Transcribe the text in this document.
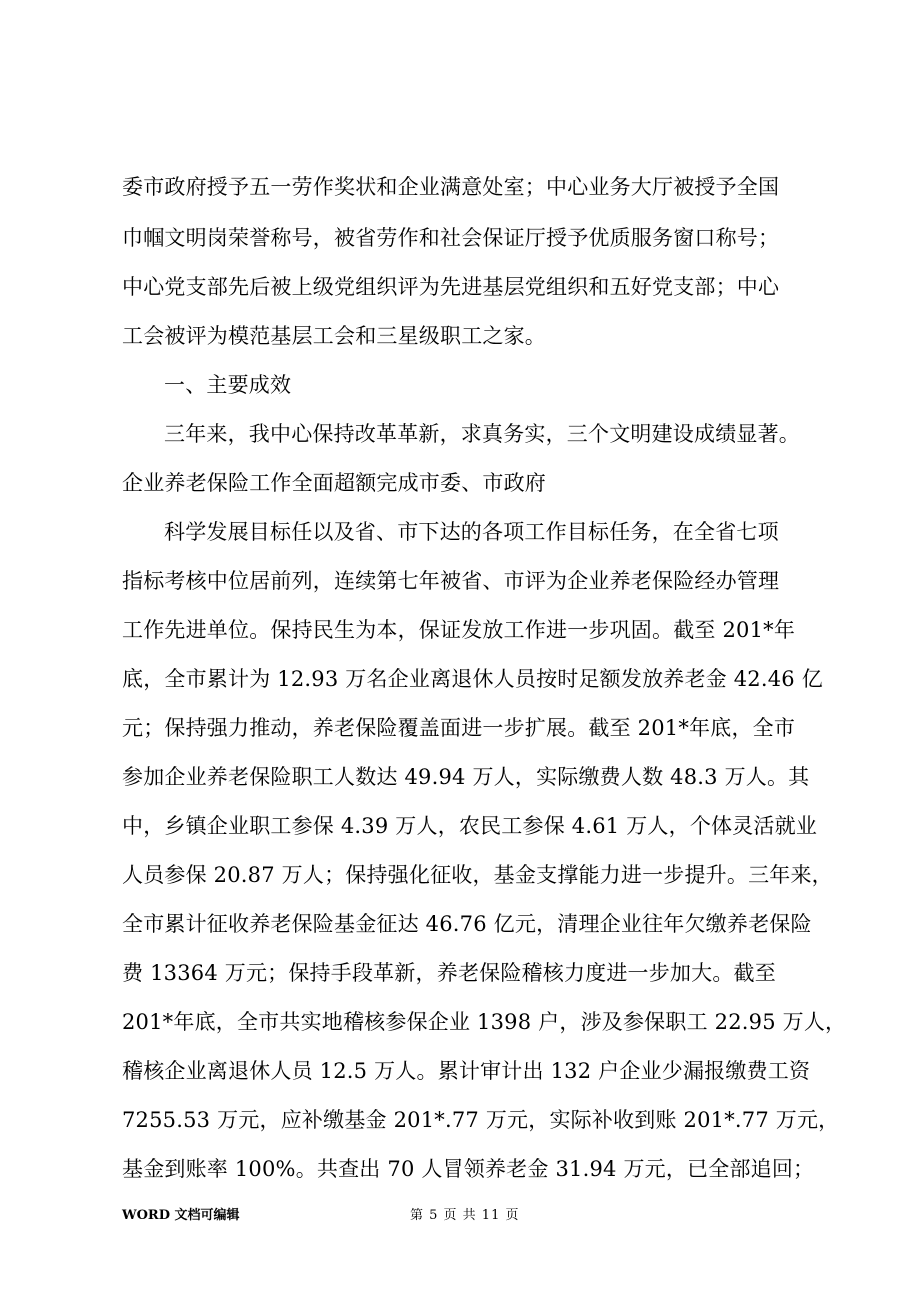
委市政府授予五一劳作奖状和企业满意处室；中心业务大厅被授予全国
巾帼文明岗荣誉称号，被省劳作和社会保证厅授予优质服务窗口称号；
中心党支部先后被上级党组织评为先进基层党组织和五好党支部；中心
工会被评为模范基层工会和三星级职工之家。
一、主要成效
三年来，我中心保持改革革新，求真务实，三个文明建设成绩显著。
企业养老保险工作全面超额完成市委、市政府
科学发展目标任以及省、市下达的各项工作目标任务，在全省七项
指标考核中位居前列，连续第七年被省、市评为企业养老保险经办管理
工作先进单位。保持民生为本，保证发放工作进一步巩固。截至 201*年
底，全市累计为 12.93 万名企业离退休人员按时足额发放养老金 42.46 亿
元；保持强力推动，养老保险覆盖面进一步扩展。截至 201*年底，全市
参加企业养老保险职工人数达 49.94 万人，实际缴费人数 48.3 万人。其
中，乡镇企业职工参保 4.39 万人，农民工参保 4.61 万人，个体灵活就业
人员参保 20.87 万人；保持强化征收，基金支撑能力进一步提升。三年来，
全市累计征收养老保险基金征达 46.76 亿元，清理企业往年欠缴养老保险
费 13364 万元；保持手段革新，养老保险稽核力度进一步加大。截至
201*年底，全市共实地稽核参保企业 1398 户，涉及参保职工 22.95 万人，
稽核企业离退休人员 12.5 万人。累计审计出 132 户企业少漏报缴费工资
7255.53 万元，应补缴基金 201*.77 万元，实际补收到账 201*.77 万元，
基金到账率 100%。共查出 70 人冒领养老金 31.94 万元，已全部追回；
WORD 文档可编辑	第 5 页 共 11 页
